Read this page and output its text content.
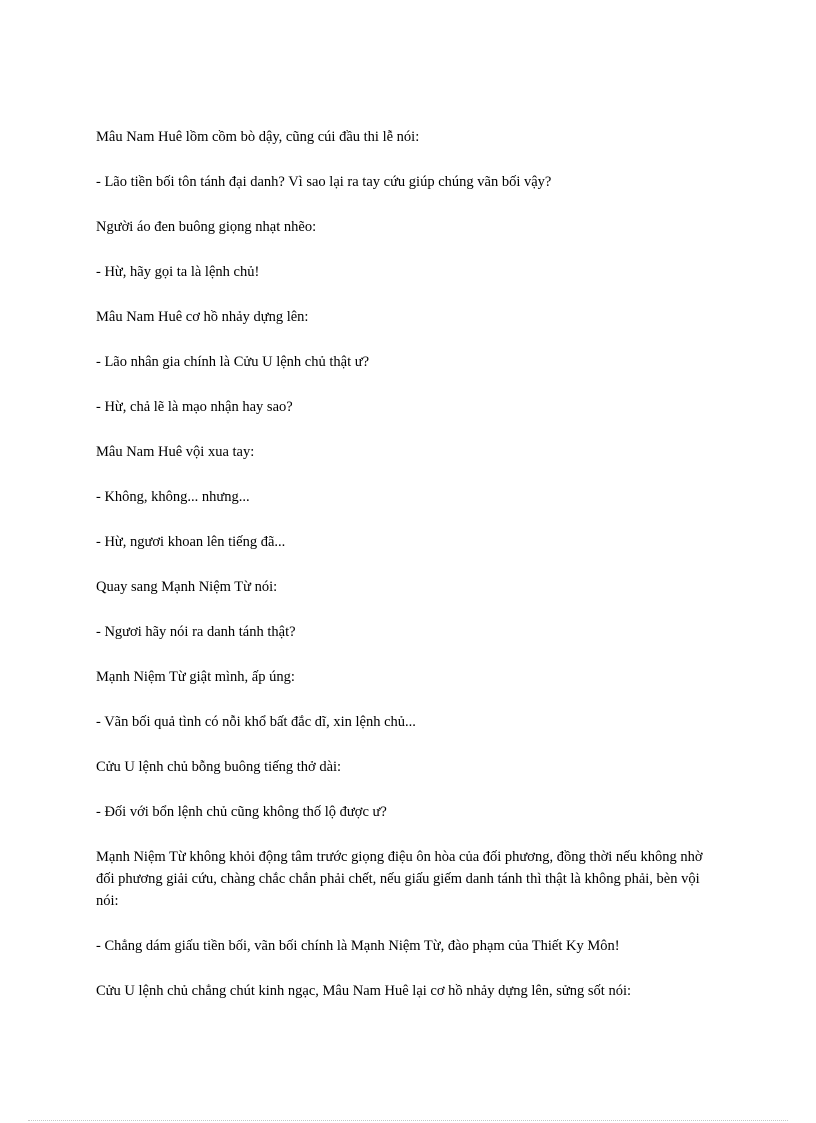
Mâu Nam Huê lồm cồm bò dậy, cũng cúi đầu thi lễ nói:

- Lão tiền bối tôn tánh đại danh? Vì sao lại ra tay cứu giúp chúng vãn bối vậy?

Người áo đen buông giọng nhạt nhẽo:

- Hừ, hãy gọi ta là lệnh chủ!

Mâu Nam Huê cơ hồ nhảy dựng lên:

- Lão nhân gia chính là Cửu U lệnh chủ thật ư?

- Hừ, chả lẽ là mạo nhận hay sao?

Mâu Nam Huê vội xua tay:

- Không, không... nhưng...

- Hừ, ngươi khoan lên tiếng đã...

Quay sang Mạnh Niệm Từ nói:

- Ngươi hãy nói ra danh tánh thật?

Mạnh Niệm Từ giật mình, ấp úng:

- Vãn bối quả tình có nỗi khổ bất đắc dĩ, xin lệnh chủ...

Cửu U lệnh chủ bỗng buông tiếng thở dài:

- Đối với bổn lệnh chủ cũng không thố lộ được ư?

Mạnh Niệm Từ không khỏi động tâm trước giọng điệu ôn hòa của đối phương, đồng thời nếu không nhờ đối phương giải cứu, chàng chắc chắn phải chết, nếu giấu giếm danh tánh thì thật là không phải, bèn vội nói:

- Chẳng dám giấu tiền bối, vãn bối chính là Mạnh Niệm Từ, đào phạm của Thiết Ky Môn!

Cửu U lệnh chủ chẳng chút kinh ngạc, Mâu Nam Huê lại cơ hồ nhảy dựng lên, sửng sốt nói:
